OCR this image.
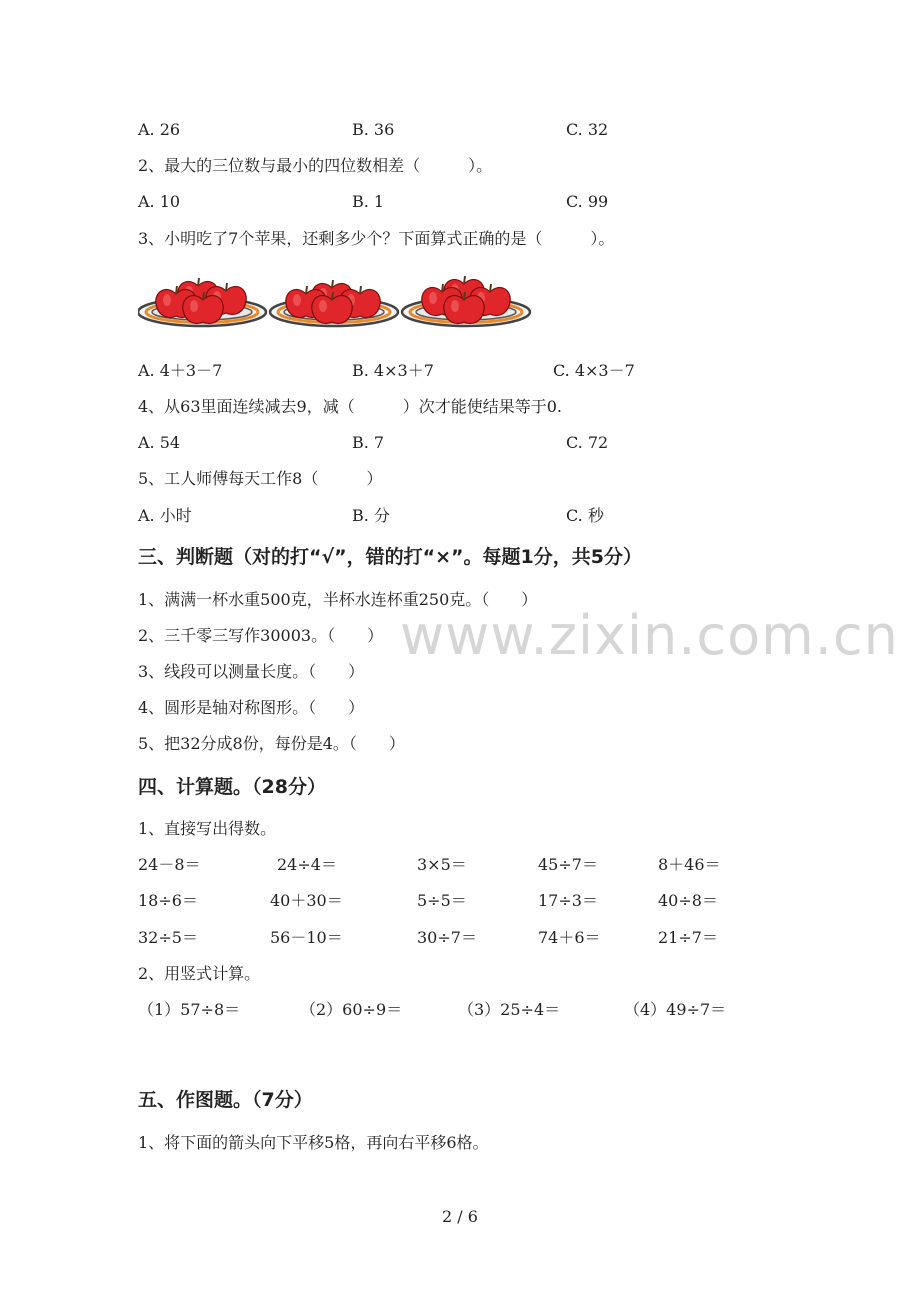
A. 26	B. 36	C. 32
2、最大的三位数与最小的四位数相差（　　　）。
A. 10	B. 1	C. 99
3、小明吃了7个苹果，还剩多少个？下面算式正确的是（　　　）。
A. 4＋3－7	B. 4×3＋7	C. 4×3－7
4、从63里面连续减去9，减（　　　）次才能使结果等于0.
A. 54	B. 7	C. 72
5、工人师傅每天工作8（　　　）
A. 小时	B. 分	C. 秒
三、判断题（对的打“√”，错的打“×”。每题1分，共5分）
1、满满一杯水重500克，半杯水连杯重250克。（　　）
2、三千零三写作30003。（　　）
3、线段可以测量长度。（　　）
4、圆形是轴对称图形。（　　）
5、把32分成8份，每份是4。（　　）
www.zixin.com.cn
四、计算题。（28分）
1、直接写出得数。
24－8＝	24÷4＝	3×5＝	45÷7＝	8＋46＝
18÷6＝	40＋30＝	5÷5＝	17÷3＝	40÷8＝
32÷5＝	56－10＝	30÷7＝	74＋6＝	21÷7＝
2、用竖式计算。
（1）57÷8＝	（2）60÷9＝	（3）25÷4＝	（4）49÷7＝
五、作图题。（7分）
1、将下面的箭头向下平移5格，再向右平移6格。
2 / 6
